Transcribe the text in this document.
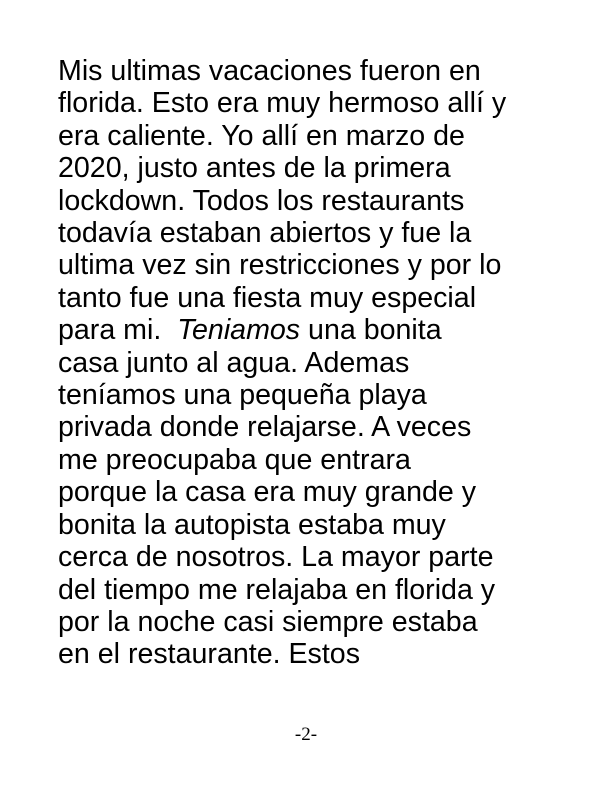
Mis ultimas vacaciones fueron en
florida. Esto era muy hermoso allí y
era caliente. Yo allí en marzo de
2020, justo antes de la primera
lockdown. Todos los restaurants
todavía estaban abiertos y fue la
ultima vez sin restricciones y por lo
tanto fue una fiesta muy especial
para mi.  Teniamos una bonita
casa junto al agua. Ademas
teníamos una pequeña playa
privada donde relajarse. A veces
me preocupaba que entrara
porque la casa era muy grande y
bonita la autopista estaba muy
cerca de nosotros. La mayor parte
del tiempo me relajaba en florida y
por la noche casi siempre estaba
en el restaurante. Estos

-2-
